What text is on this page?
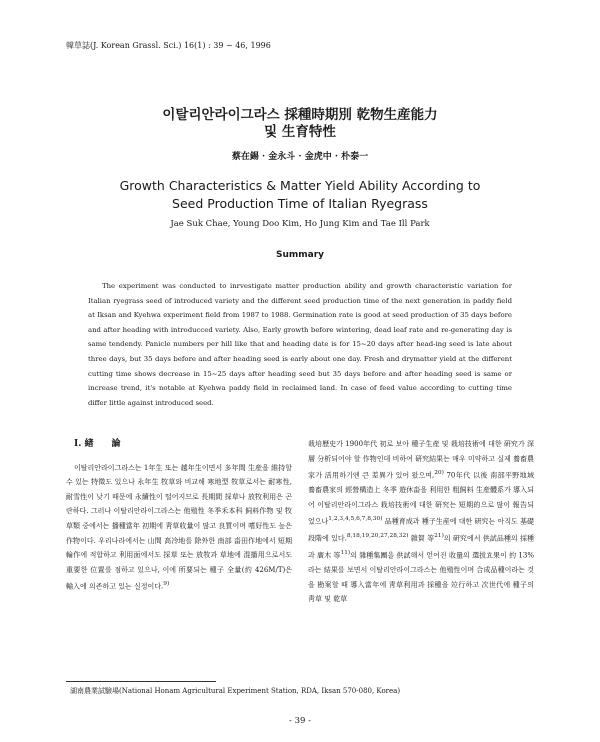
韓草誌(J. Korean Grassl. Sci.) 16(1) : 39 ~ 46, 1996
이탈리안라이그라스 採種時期別 乾物生産能力
및 生育特性
蔡在錫 · 金永斗 · 金虎中 · 朴泰一
Growth Characteristics & Matter Yield Ability According to
Seed Production Time of Italian Ryegrass
Jae Suk Chae, Young Doo Kim, Ho Jung Kim and Tae Ill Park
Summary
The experiment was conducted to inrvestigate matter production ability and growth characteristic variation for Italian ryegrass seed of introduced variety and the different seed production time of the next generation in paddy field at Iksan and Kyehwa experiment field from 1987 to 1988. Germination rate is good at seed production of 35 days before and after heading with introducced variety. Also, Early growth before wintering, dead leaf rate and re-generating day is same tendendy. Panicle numbers per hill like that and heading date is for 15~20 days after head-ing seed is late about three days, but 35 days before and after heading seed is early about one day. Fresh and drymatter yield at the different cutting time shows decrease in 15~25 days after heading seed but 35 days before and after heading seed is same or increase trend, it's notable at Kyehwa paddy field in reclaimed land. In case of feed value according to cutting time differ little against introduced seed.
I. 緖　　論

이탈리안라이그라스는 1年生 또는 越年生이면서 多年間 生産을 維持할 수 있는 特徵도 있으나 永年生 牧草와 비교해 寒地型 牧草로서는 耐寒性, 耐雪性이 낮기 때문에 永續性이 떨어지므로 長期間 採草나 放牧利用은 곤란하다. 그러나 이탈리안라이그라스는 他殖性 冬季禾本科 飼料作物 및 牧草類 중에서는 播種當年 初期에 靑草收量이 많고 良質이며 嗜好性도 높은 作物이다. 우리나라에서는 山間 高冷地를 除外한 南部 畓田作地에서 短期輪作에 적합하고 利用面에서도 採草 또는 放牧과 草地에 混播用으로서도 重要한 位置를 점하고 있으나, 이에 所要되는 種子 全量(約 426M/T)은 輸入에 의존하고 있는 실정이다.$^{9)}$

栽培歷史가 1900年代 初로 보아 種子生産 및 栽培技術에 대한 硏究가 深層 分析되어야 할 作物인데 비하여 硏究結果는 매우 미약하고 실제 養畜農家가 活用하기엔 큰 差異가 있어 왔으며,$^{20)}$ 70年代 以後 南部平野地域 養畜農家의 經營構造上 冬季 遊休畓을 利用한 粗飼料 生産體系가 導入되어 이탈리안라이그라스 栽培技術에 대한 硏究는 短期的으로 많이 報告되었으나$^{1,2,3,4,5,6,7,8,30)}$ 品種育成과 種子生産에 대한 硏究는 아직도 基礎 段階에 있다.$^{8,18,19,20,27,28,32)}$ 雜賀 等$^{21)}$의 硏究에서 供試品種의 採種과 廣木 等$^{11)}$의 雜種集團을 供試해서 얻어진 收量의 選拔효果이 約 13%라는 結果를 보면서 이탈리안라이그라스는 他殖性이며 合成品種이라는 것을 勘案할 때 導入當年에 靑草利用과 採種을 竝行하고 次世代에 種子의 靑草 및 乾草

湖南農業試驗場(National Honam Agricultural Experiment Station, RDA, Iksan 570-080, Korea)
- 39 -
